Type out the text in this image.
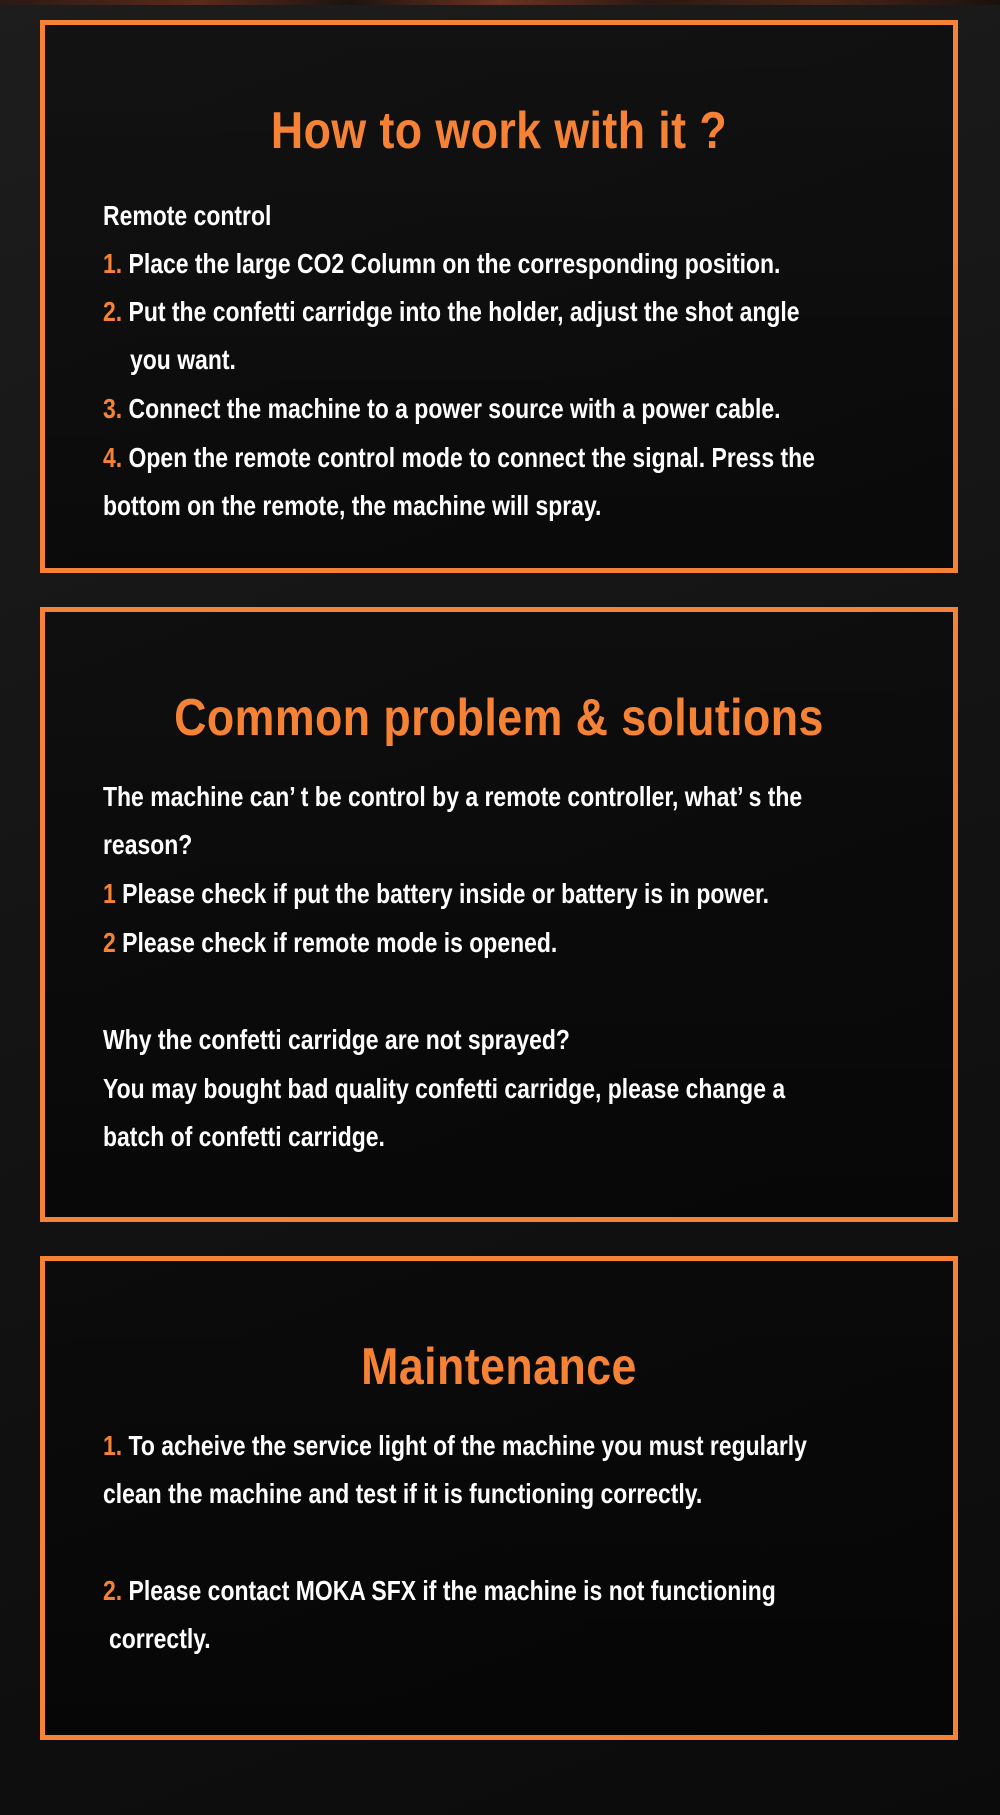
How to work with it ?
Remote control
1. Place the large CO2 Column on the corresponding position.
2. Put the confetti carridge into the holder, adjust the shot angle
you want.
3. Connect the machine to a power source with a power cable.
4. Open the remote control mode to connect the signal. Press the
bottom on the remote, the machine will spray.
Common problem & solutions
The machine can’ t be control by a remote controller, what’ s the
reason?
1 Please check if put the battery inside or battery is in power.
2 Please check if remote mode is opened.
Why the confetti carridge are not sprayed?
You may bought bad quality confetti carridge, please change a
batch of confetti carridge.
Maintenance
1. To acheive the service light of the machine you must regularly
clean the machine and test if it is functioning correctly.
2. Please contact MOKA SFX if the machine is not functioning
correctly.
